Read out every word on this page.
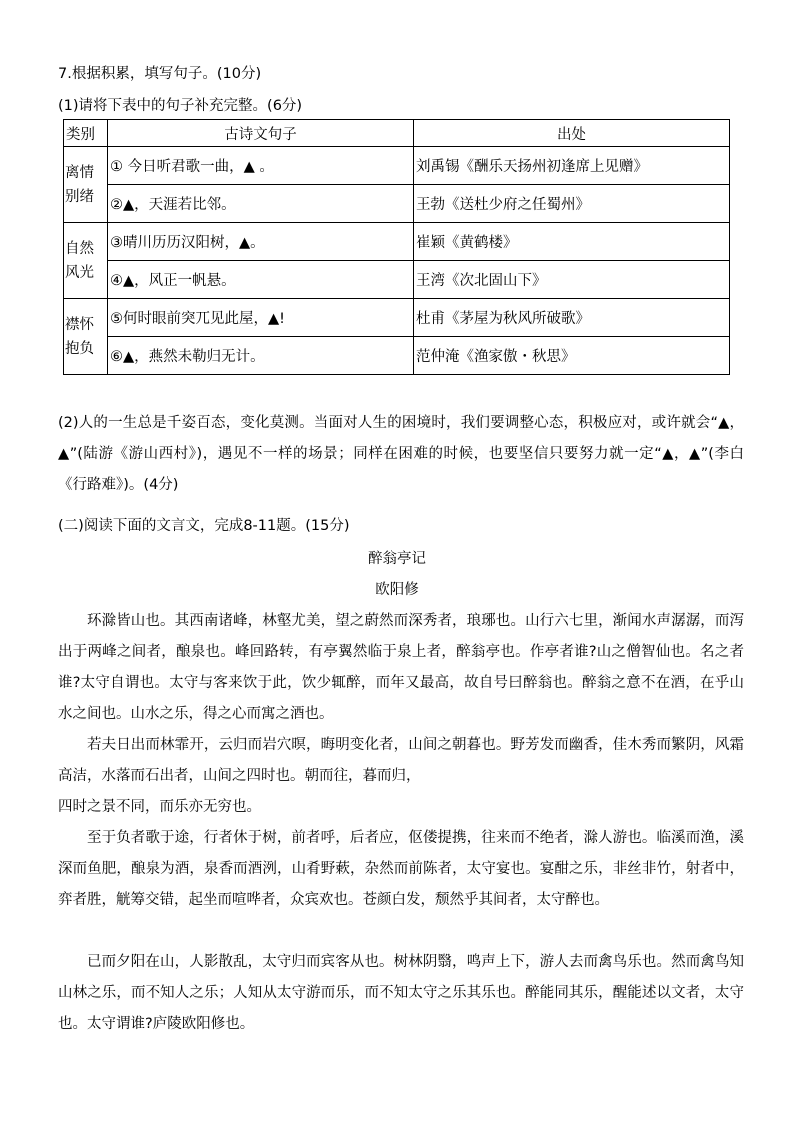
7.根据积累，填写句子。(10分)
(1)请将下表中的句子补充完整。(6分)
类别	古诗文句子	出处
离情别绪	① 今日听君歌一曲，▲ 。	刘禹锡《酬乐天扬州初逢席上见赠》
	②▲，天涯若比邻。	王勃《送杜少府之任蜀州》
自然风光	③晴川历历汉阳树，▲。	崔颖《黄鹤楼》
	④▲，风正一帆悬。	王湾《次北固山下》
襟怀抱负	⑤何时眼前突兀见此屋，▲!	杜甫《茅屋为秋风所破歌》
	⑥▲，燕然未勒归无计。	范仲淹《渔家傲・秋思》
(2)人的一生总是千姿百态，变化莫测。当面对人生的困境时，我们要调整心态，积极应对，或许就会“▲，▲”(陆游《游山西村》)，遇见不一样的场景；同样在困难的时候，也要坚信只要努力就一定“▲，▲”(李白《行路难》)。(4分)
(二)阅读下面的文言文，完成8-11题。(15分)
醉翁亭记
欧阳修
环滁皆山也。其西南诸峰，林壑尤美，望之蔚然而深秀者，琅琊也。山行六七里，渐闻水声潺潺，而泻出于两峰之间者，酿泉也。峰回路转，有亭翼然临于泉上者，醉翁亭也。作亭者谁?山之僧智仙也。名之者谁?太守自谓也。太守与客来饮于此，饮少辄醉，而年又最高，故自号曰醉翁也。醉翁之意不在酒，在乎山水之间也。山水之乐，得之心而寓之酒也。
若夫日出而林霏开，云归而岩穴暝，晦明变化者，山间之朝暮也。野芳发而幽香，佳木秀而繁阴，风霜高洁，水落而石出者，山间之四时也。朝而往，暮而归，
四时之景不同，而乐亦无穷也。
至于负者歌于途，行者休于树，前者呼，后者应，伛偻提携，往来而不绝者，滁人游也。临溪而渔，溪深而鱼肥，酿泉为酒，泉香而酒洌，山肴野蔌，杂然而前陈者，太守宴也。宴酣之乐，非丝非竹，射者中，弈者胜，觥筹交错，起坐而喧哗者，众宾欢也。苍颜白发，颓然乎其间者，太守醉也。
已而夕阳在山，人影散乱，太守归而宾客从也。树林阴翳，鸣声上下，游人去而禽鸟乐也。然而禽鸟知山林之乐，而不知人之乐；人知从太守游而乐，而不知太守之乐其乐也。醉能同其乐，醒能述以文者，太守也。太守谓谁?庐陵欧阳修也。
